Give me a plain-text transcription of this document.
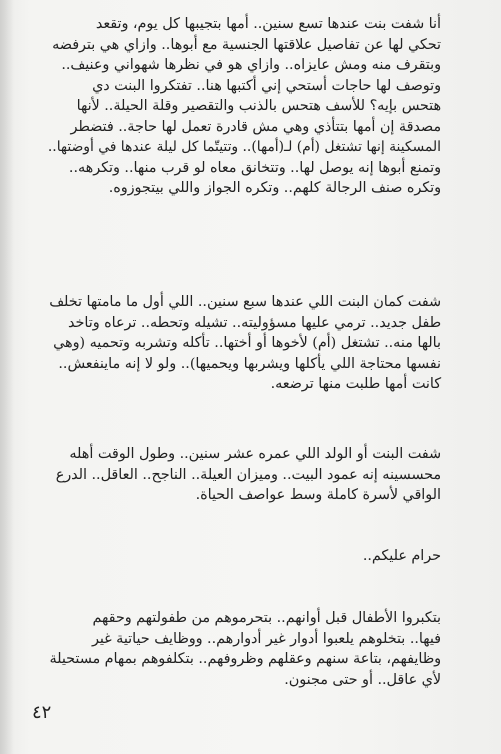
أنا شفت بنت عندها تسع سنين.. أمها بتجيبها كل يوم، وتقعد
تحكي لها عن تفاصيل علاقتها الجنسية مع أبوها.. وازاي هي بترفضه
وبتقرف منه ومش عايزاه.. وازاي هو في نظرها شهواني وعنيف..
وتوصف لها حاجات أستحي إني أكتبها هنا.. تفتكروا البنت دي
هتحس بإيه؟ للأسف هتحس بالذنب والتقصير وقلة الحيلة.. لأنها
مصدقة إن أمها بتتأذي وهي مش قادرة تعمل لها حاجة.. فتضطر
المسكينة إنها تشتغل (أم) لـ(أمها).. وتتيتّما كل ليلة عندها في أوضتها..
وتمنع أبوها إنه يوصل لها.. وتتخانق معاه لو قرب منها.. وتكرهه..
وتكره صنف الرجالة كلهم.. وتكره الجواز واللي بيتجوزوه.
شفت كمان البنت اللي عندها سبع سنين.. اللي أول ما مامتها تخلف
طفل جديد.. ترمي عليها مسؤوليته.. تشيله وتحطه.. ترعاه وتاخد
بالها منه.. تشتغل (أم) لأخوها أو أختها.. تأكله وتشربه وتحميه (وهي
نفسها محتاجة اللي يأكلها ويشربها ويحميها).. ولو لا إنه ماينفعش..
كانت أمها طلبت منها ترضعه.
شفت البنت أو الولد اللي عمره عشر سنين.. وطول الوقت أهله
محسسينه إنه عمود البيت.. وميزان العيلة.. الناجح.. العاقل.. الدرع
الواقي لأسرة كاملة وسط عواصف الحياة.
حرام عليكم..
بتكبروا الأطفال قبل أوانهم.. بتحرموهم من طفولتهم وحقهم
فيها.. بتخلوهم يلعبوا أدوار غير أدوارهم.. ووظايف حياتية غير
وظايفهم، بتاعة سنهم وعقلهم وظروفهم.. بتكلفوهم بمهام مستحيلة
لأي عاقل.. أو حتى مجنون.
٤٢
